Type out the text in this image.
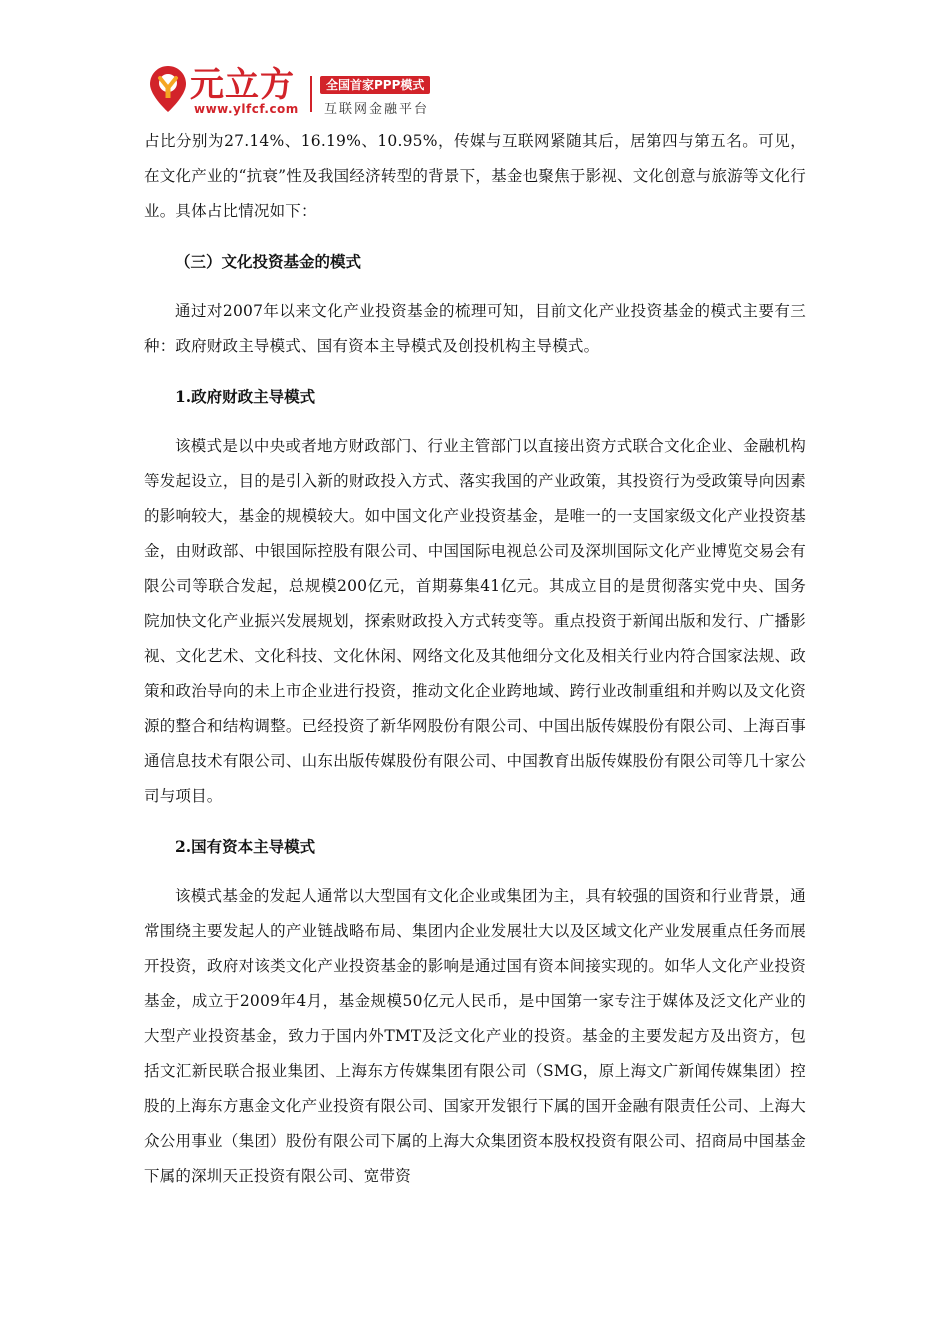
元立方
www.ylfcf.com
全国首家PPP模式
互联网金融平台

占比分别为27.14%、16.19%、10.95%，传媒与互联网紧随其后，居第四与第五名。可见，在文化产业的“抗衰”性及我国经济转型的背景下，基金也聚焦于影视、文化创意与旅游等文化行业。具体占比情况如下：

（三）文化投资基金的模式

通过对2007年以来文化产业投资基金的梳理可知，目前文化产业投资基金的模式主要有三种：政府财政主导模式、国有资本主导模式及创投机构主导模式。

1.政府财政主导模式

该模式是以中央或者地方财政部门、行业主管部门以直接出资方式联合文化企业、金融机构等发起设立，目的是引入新的财政投入方式、落实我国的产业政策，其投资行为受政策导向因素的影响较大，基金的规模较大。如中国文化产业投资基金，是唯一的一支国家级文化产业投资基金，由财政部、中银国际控股有限公司、中国国际电视总公司及深圳国际文化产业博览交易会有限公司等联合发起，总规模200亿元，首期募集41亿元。其成立目的是贯彻落实党中央、国务院加快文化产业振兴发展规划，探索财政投入方式转变等。重点投资于新闻出版和发行、广播影视、文化艺术、文化科技、文化休闲、网络文化及其他细分文化及相关行业内符合国家法规、政策和政治导向的未上市企业进行投资，推动文化企业跨地域、跨行业改制重组和并购以及文化资源的整合和结构调整。已经投资了新华网股份有限公司、中国出版传媒股份有限公司、上海百事通信息技术有限公司、山东出版传媒股份有限公司、中国教育出版传媒股份有限公司等几十家公司与项目。

2.国有资本主导模式

该模式基金的发起人通常以大型国有文化企业或集团为主，具有较强的国资和行业背景，通常围绕主要发起人的产业链战略布局、集团内企业发展壮大以及区域文化产业发展重点任务而展开投资，政府对该类文化产业投资基金的影响是通过国有资本间接实现的。如华人文化产业投资基金，成立于2009年4月，基金规模50亿元人民币，是中国第一家专注于媒体及泛文化产业的大型产业投资基金，致力于国内外TMT及泛文化产业的投资。基金的主要发起方及出资方，包括文汇新民联合报业集团、上海东方传媒集团有限公司（SMG，原上海文广新闻传媒集团）控股的上海东方惠金文化产业投资有限公司、国家开发银行下属的国开金融有限责任公司、上海大众公用事业（集团）股份有限公司下属的上海大众集团资本股权投资有限公司、招商局中国基金下属的深圳天正投资有限公司、宽带资
